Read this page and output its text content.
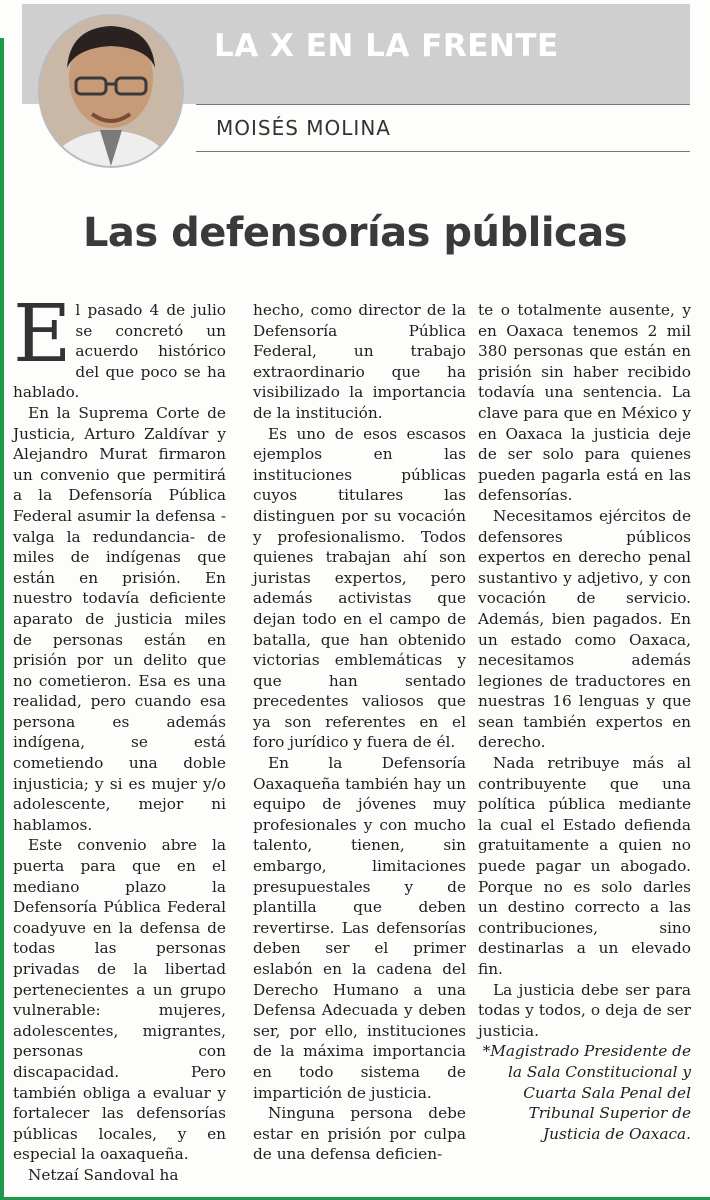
LA X EN LA FRENTE
MOISÉS MOLINA
Las defensorías públicas

El pasado 4 de julio se concretó un acuerdo histórico del que poco se ha hablado.

En la Suprema Corte de Justicia, Arturo Zaldívar y Alejandro Murat firmaron un convenio que permitirá a la Defensoría Pública Federal asumir la defensa -valga la redundancia- de miles de indígenas que están en prisión. En nuestro todavía deficiente aparato de justicia miles de personas están en prisión por un delito que no cometieron. Esa es una realidad, pero cuando esa persona es además indígena, se está cometiendo una doble injusticia; y si es mujer y/o adolescente, mejor ni hablamos.

Este convenio abre la puerta para que en el mediano plazo la Defensoría Pública Federal coadyuve en la defensa de todas las personas privadas de la libertad pertenecientes a un grupo vulnerable: mujeres, adolescentes, migrantes, personas con discapacidad. Pero también obliga a evaluar y fortalecer las defensorías públicas locales, y en especial la oaxaqueña.

Netzaí Sandoval ha

hecho, como director de la Defensoría Pública Federal, un trabajo extraordinario que ha visibilizado la importancia de la institución.

Es uno de esos escasos ejemplos en las instituciones públicas cuyos titulares las distinguen por su vocación y profesionalismo. Todos quienes trabajan ahí son juristas expertos, pero además activistas que dejan todo en el campo de batalla, que han obtenido victorias emblemáticas y que han sentado precedentes valiosos que ya son referentes en el foro jurídico y fuera de él.

En la Defensoría Oaxaqueña también hay un equipo de jóvenes muy profesionales y con mucho talento, tienen, sin embargo, limitaciones presupuestales y de plantilla que deben revertirse. Las defensorías deben ser el primer eslabón en la cadena del Derecho Humano a una Defensa Adecuada y deben ser, por ello, instituciones de la máxima importancia en todo sistema de impartición de justicia.

Ninguna persona debe estar en prisión por culpa de una defensa deficien-

te o totalmente ausente, y en Oaxaca tenemos 2 mil 380 personas que están en prisión sin haber recibido todavía una sentencia. La clave para que en México y en Oaxaca la justicia deje de ser solo para quienes pueden pagarla está en las defensorías.

Necesitamos ejércitos de defensores públicos expertos en derecho penal sustantivo y adjetivo, y con vocación de servicio. Además, bien pagados. En un estado como Oaxaca, necesitamos además legiones de traductores en nuestras 16 lenguas y que sean también expertos en derecho.

Nada retribuye más al contribuyente que una política pública mediante la cual el Estado defienda gratuitamente a quien no puede pagar un abogado. Porque no es solo darles un destino correcto a las contribuciones, sino destinarlas a un elevado fin.

La justicia debe ser para todas y todos, o deja de ser justicia.

*Magistrado Presidente de la Sala Constitucional y Cuarta Sala Penal del Tribunal Superior de Justicia de Oaxaca.
